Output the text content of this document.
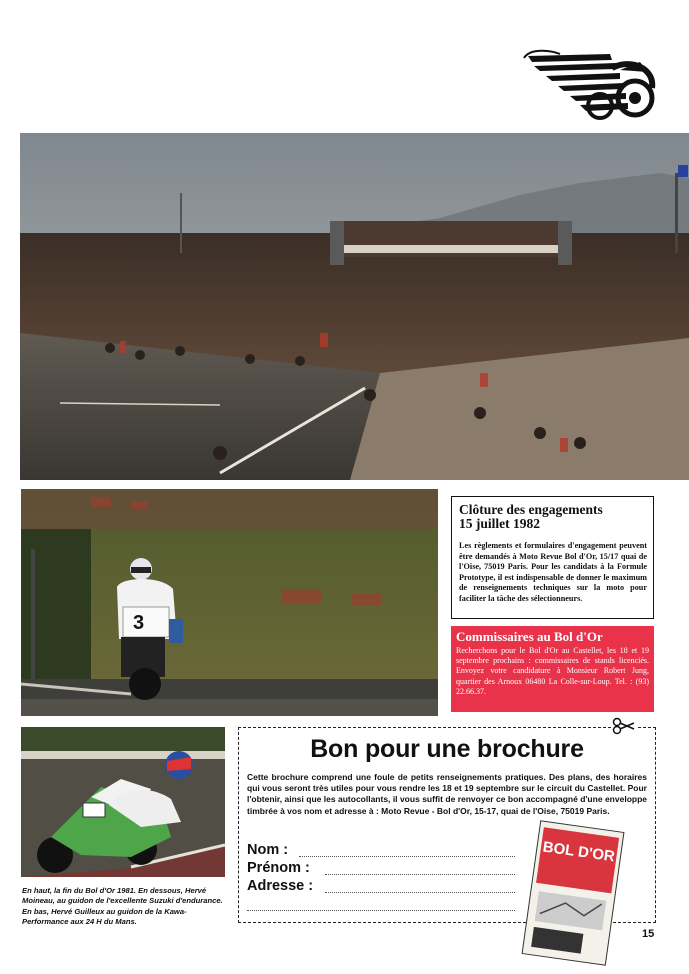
3
Clôture des engagements
15 juillet 1982
Les règlements et formulaires d'engagement peuvent être demandés à Moto Revue Bol d'Or, 15/17 quai de l'Oise, 75019 Paris. Pour les candidats à la Formule Prototype, il est indispensable de donner le maximum de renseignements techniques sur la moto pour faciliter la tâche des sélectionneurs.
Commissaires au Bol d'Or
Recherchons pour le Bol d'Or au Castellet, les 18 et 19 septembre prochains : commissaires de stands licenciés. Envoyez votre candidature à Monsieur Robert Jung, quartier des Arnoux 06480 La Colle-sur-Loup. Tel. : (93) 22.66.37.
Bon pour une brochure
Cette brochure comprend une foule de petits renseignements pratiques. Des plans, des horaires qui vous seront très utiles pour vous rendre les 18 et 19 septembre sur le circuit du Castellet. Pour l'obtenir, ainsi que les autocollants, il vous suffit de renvoyer ce bon accompagné d'une enveloppe timbrée à vos nom et adresse à : Moto Revue - Bol d'Or, 15-17, quai de l'Oise, 75019 Paris.
Nom :
Prénom :
Adresse :
BOL D'OR
En haut, la fin du Bol d'Or 1981. En dessous, Hervé Moineau, au guidon de l'excellente Suzuki d'endurance. En bas, Hervé Guilleux au guidon de la Kawa-Performance aux 24 H du Mans.
15
